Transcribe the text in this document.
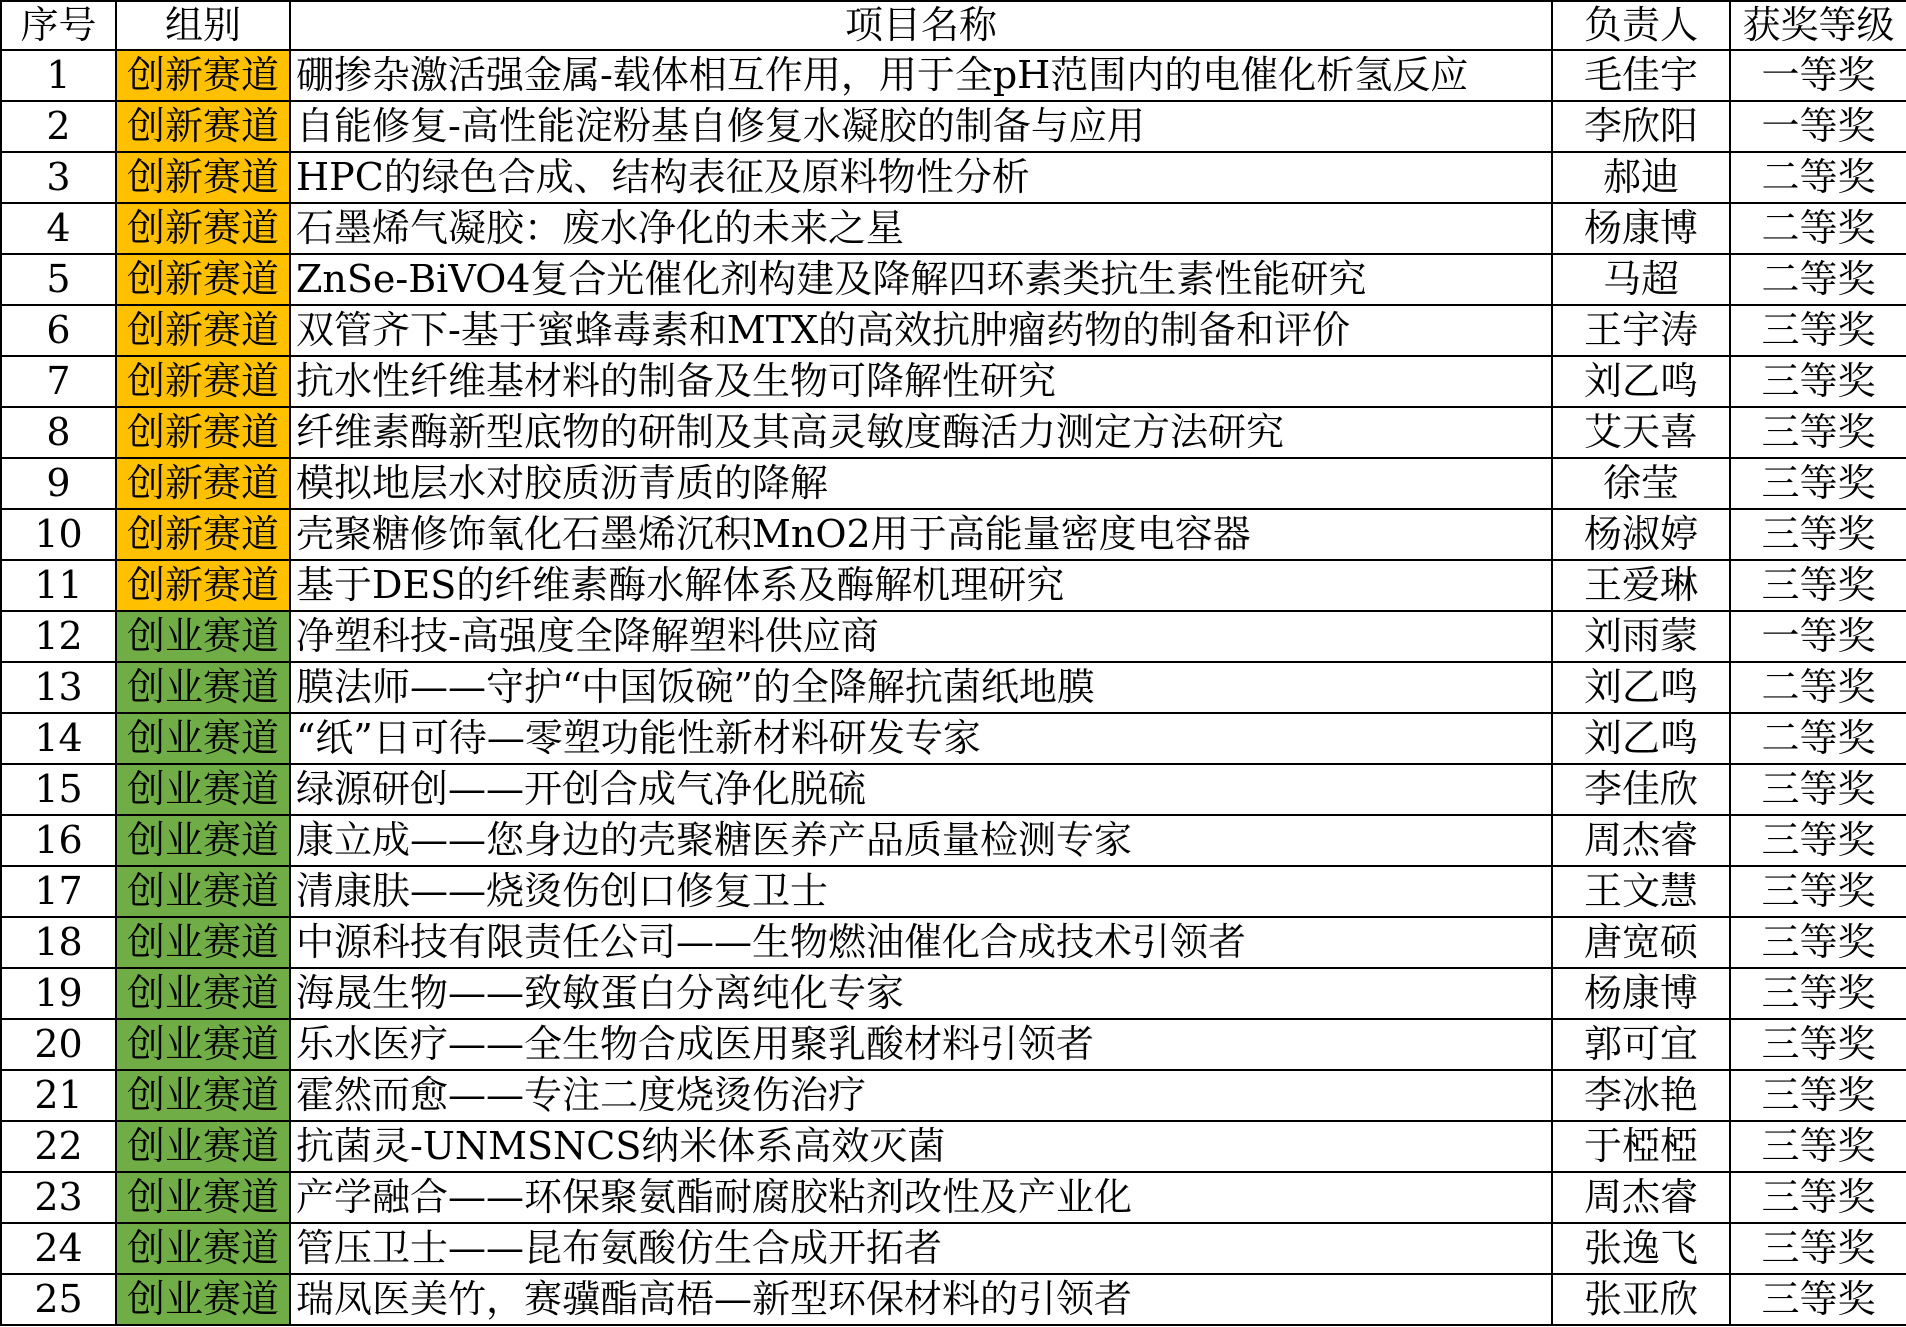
序号	组别	项目名称	负责人	获奖等级
1	创新赛道	硼掺杂激活强金属-载体相互作用，用于全pH范围内的电催化析氢反应	毛佳宇	一等奖
2	创新赛道	自能修复-高性能淀粉基自修复水凝胶的制备与应用	李欣阳	一等奖
3	创新赛道	HPC的绿色合成、结构表征及原料物性分析	郝迪	二等奖
4	创新赛道	石墨烯气凝胶：废水净化的未来之星	杨康博	二等奖
5	创新赛道	ZnSe-BiVO4复合光催化剂构建及降解四环素类抗生素性能研究	马超	二等奖
6	创新赛道	双管齐下-基于蜜蜂毒素和MTX的高效抗肿瘤药物的制备和评价	王宇涛	三等奖
7	创新赛道	抗水性纤维基材料的制备及生物可降解性研究	刘乙鸣	三等奖
8	创新赛道	纤维素酶新型底物的研制及其高灵敏度酶活力测定方法研究	艾天喜	三等奖
9	创新赛道	模拟地层水对胶质沥青质的降解	徐莹	三等奖
10	创新赛道	壳聚糖修饰氧化石墨烯沉积MnO2用于高能量密度电容器	杨淑婷	三等奖
11	创新赛道	基于DES的纤维素酶水解体系及酶解机理研究	王爱琳	三等奖
12	创业赛道	净塑科技-高强度全降解塑料供应商	刘雨蒙	一等奖
13	创业赛道	膜法师——守护“中国饭碗”的全降解抗菌纸地膜	刘乙鸣	二等奖
14	创业赛道	“纸”日可待—零塑功能性新材料研发专家	刘乙鸣	二等奖
15	创业赛道	绿源研创——开创合成气净化脱硫	李佳欣	三等奖
16	创业赛道	康立成——您身边的壳聚糖医养产品质量检测专家	周杰睿	三等奖
17	创业赛道	清康肤——烧烫伤创口修复卫士	王文慧	三等奖
18	创业赛道	中源科技有限责任公司——生物燃油催化合成技术引领者	唐宽硕	三等奖
19	创业赛道	海晟生物——致敏蛋白分离纯化专家	杨康博	三等奖
20	创业赛道	乐水医疗——全生物合成医用聚乳酸材料引领者	郭可宜	三等奖
21	创业赛道	霍然而愈——专注二度烧烫伤治疗	李冰艳	三等奖
22	创业赛道	抗菌灵-UNMSNCS纳米体系高效灭菌	于椏椏	三等奖
23	创业赛道	产学融合——环保聚氨酯耐腐胶粘剂改性及产业化	周杰睿	三等奖
24	创业赛道	管压卫士——昆布氨酸仿生合成开拓者	张逸飞	三等奖
25	创业赛道	瑞凤医美竹，赛骥酯高梧—新型环保材料的引领者	张亚欣	三等奖
